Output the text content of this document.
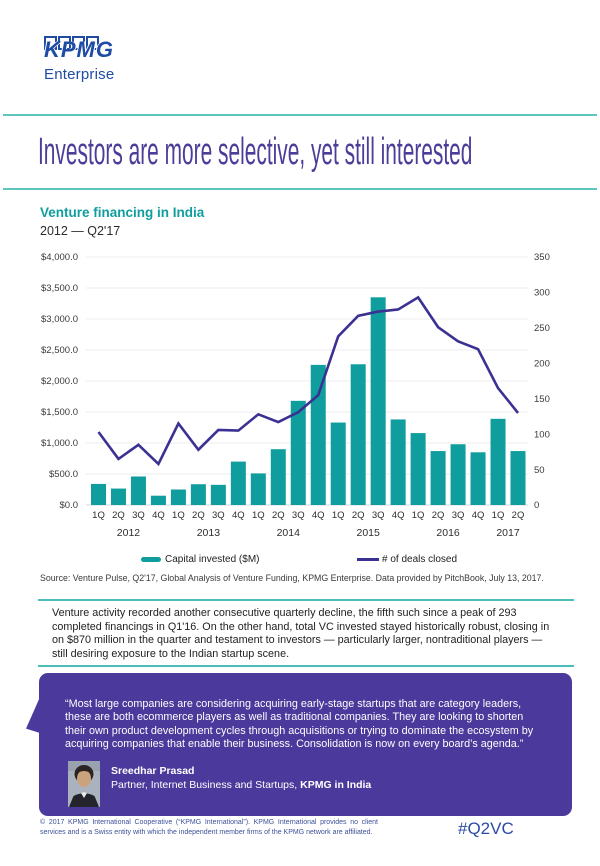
KPMG
Enterprise
Investors are more selective, yet still interested
Venture financing in India
2012 — Q2'17
$4,000.0
$3,500.0
$3,000.0
$2,500.0
$2,000.0
$1,500.0
$1,000.0
$500.0
$0.0
350
300
250
200
150
100
50
0
1Q 2Q 3Q 4Q 1Q 2Q 3Q 4Q 1Q 2Q 3Q 4Q 1Q 2Q 3Q 4Q 1Q 2Q 3Q 4Q 1Q 2Q
2012	2013	2014	2015	2016	2017
Capital invested ($M)	# of deals closed
Source: Venture Pulse, Q2'17, Global Analysis of Venture Funding, KPMG Enterprise. Data provided by PitchBook, July 13, 2017.

Venture activity recorded another consecutive quarterly decline, the fifth such since a peak of 293 completed financings in Q1'16. On the other hand, total VC invested stayed historically robust, closing in on $870 million in the quarter and testament to investors — particularly larger, nontraditional players — still desiring exposure to the Indian startup scene.

“Most large companies are considering acquiring early-stage startups that are category leaders, these are both ecommerce players as well as traditional companies. They are looking to shorten their own product development cycles through acquisitions or trying to dominate the ecosystem by acquiring companies that enable their business. Consolidation is now on every board’s agenda.”

Sreedhar Prasad
Partner, Internet Business and Startups, KPMG in India

© 2017 KPMG International Cooperative (“KPMG International”). KPMG International provides no client services and is a Swiss entity with which the independent member firms of the KPMG network are affiliated.	#Q2VC
